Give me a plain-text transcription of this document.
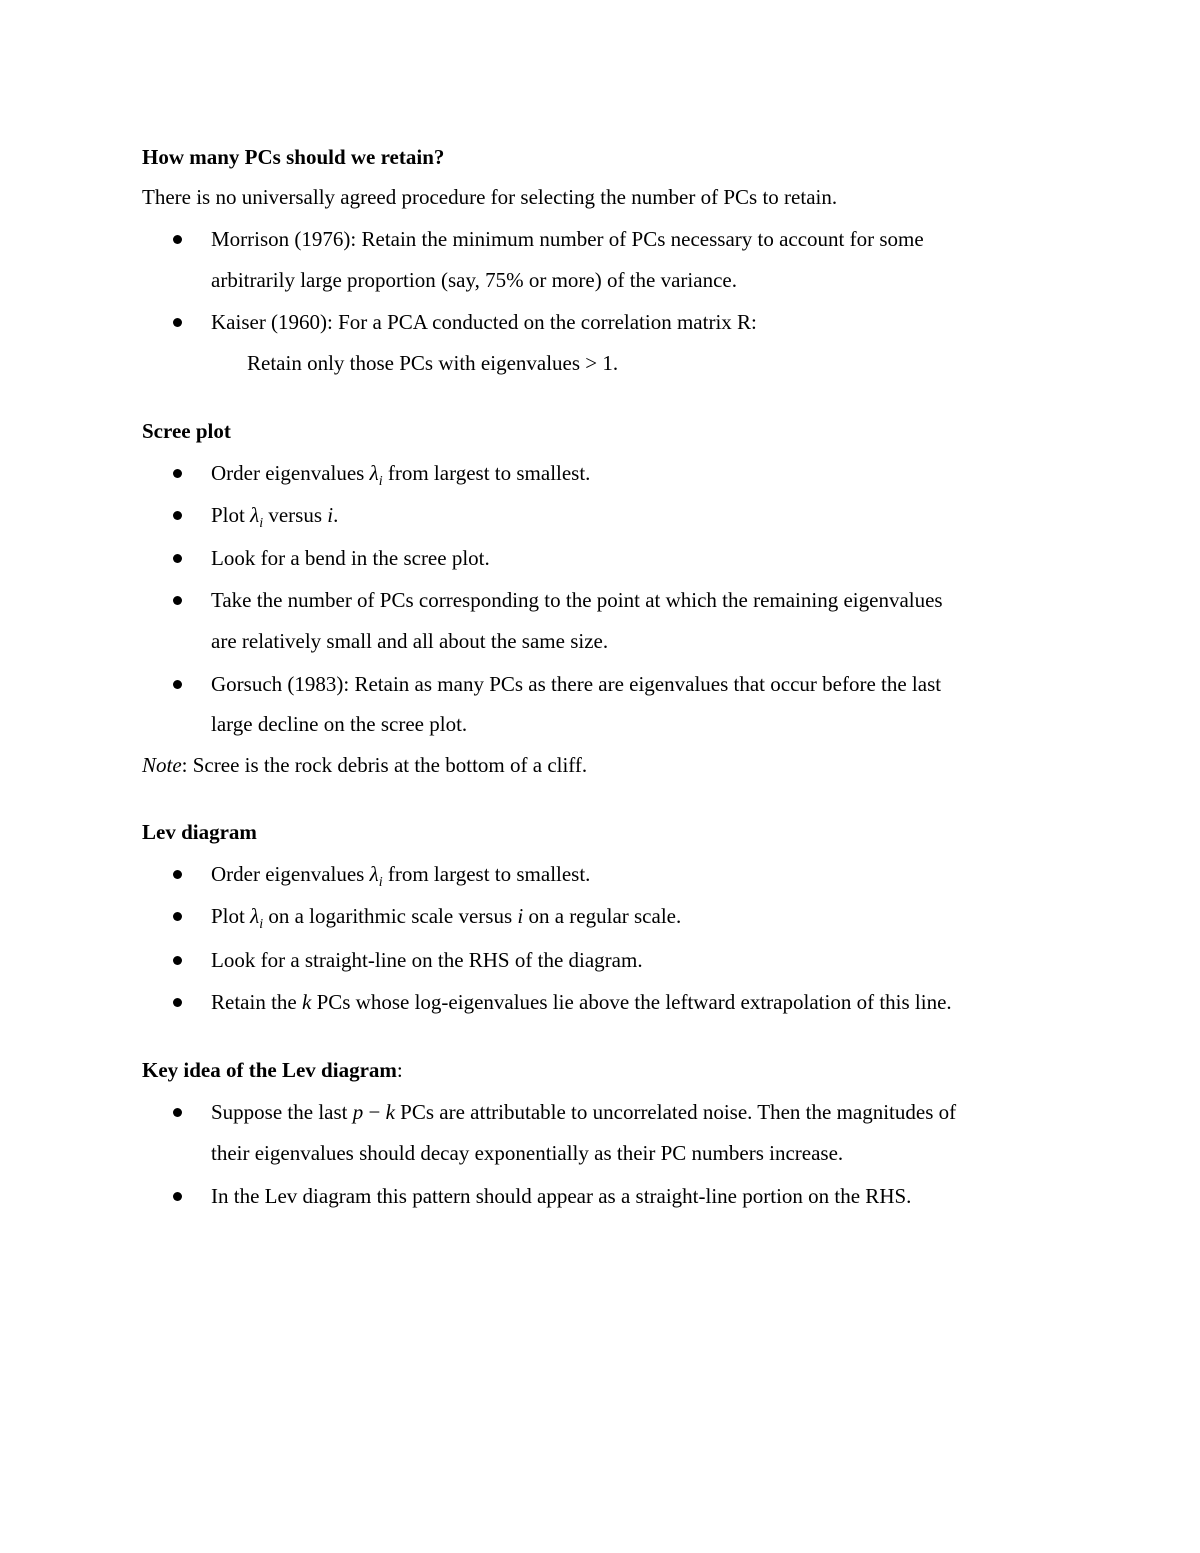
How many PCs should we retain?
There is no universally agreed procedure for selecting the number of PCs to retain.
Morrison (1976): Retain the minimum number of PCs necessary to account for some
arbitrarily large proportion (say, 75% or more) of the variance.
Kaiser (1960): For a PCA conducted on the correlation matrix R:
Retain only those PCs with eigenvalues > 1.
Scree plot
Order eigenvalues $\lambda_i$ from largest to smallest.
Plot $\lambda_i$ versus i.
Look for a bend in the scree plot.
Take the number of PCs corresponding to the point at which the remaining eigenvalues
are relatively small and all about the same size.
Gorsuch (1983): Retain as many PCs as there are eigenvalues that occur before the last
large decline on the scree plot.
Note: Scree is the rock debris at the bottom of a cliff.
Lev diagram
Order eigenvalues $\lambda_i$ from largest to smallest.
Plot $\lambda_i$ on a logarithmic scale versus i on a regular scale.
Look for a straight-line on the RHS of the diagram.
Retain the k PCs whose log-eigenvalues lie above the leftward extrapolation of this line.
Key idea of the Lev diagram:
Suppose the last p − k PCs are attributable to uncorrelated noise. Then the magnitudes of
their eigenvalues should decay exponentially as their PC numbers increase.
In the Lev diagram this pattern should appear as a straight-line portion on the RHS.
